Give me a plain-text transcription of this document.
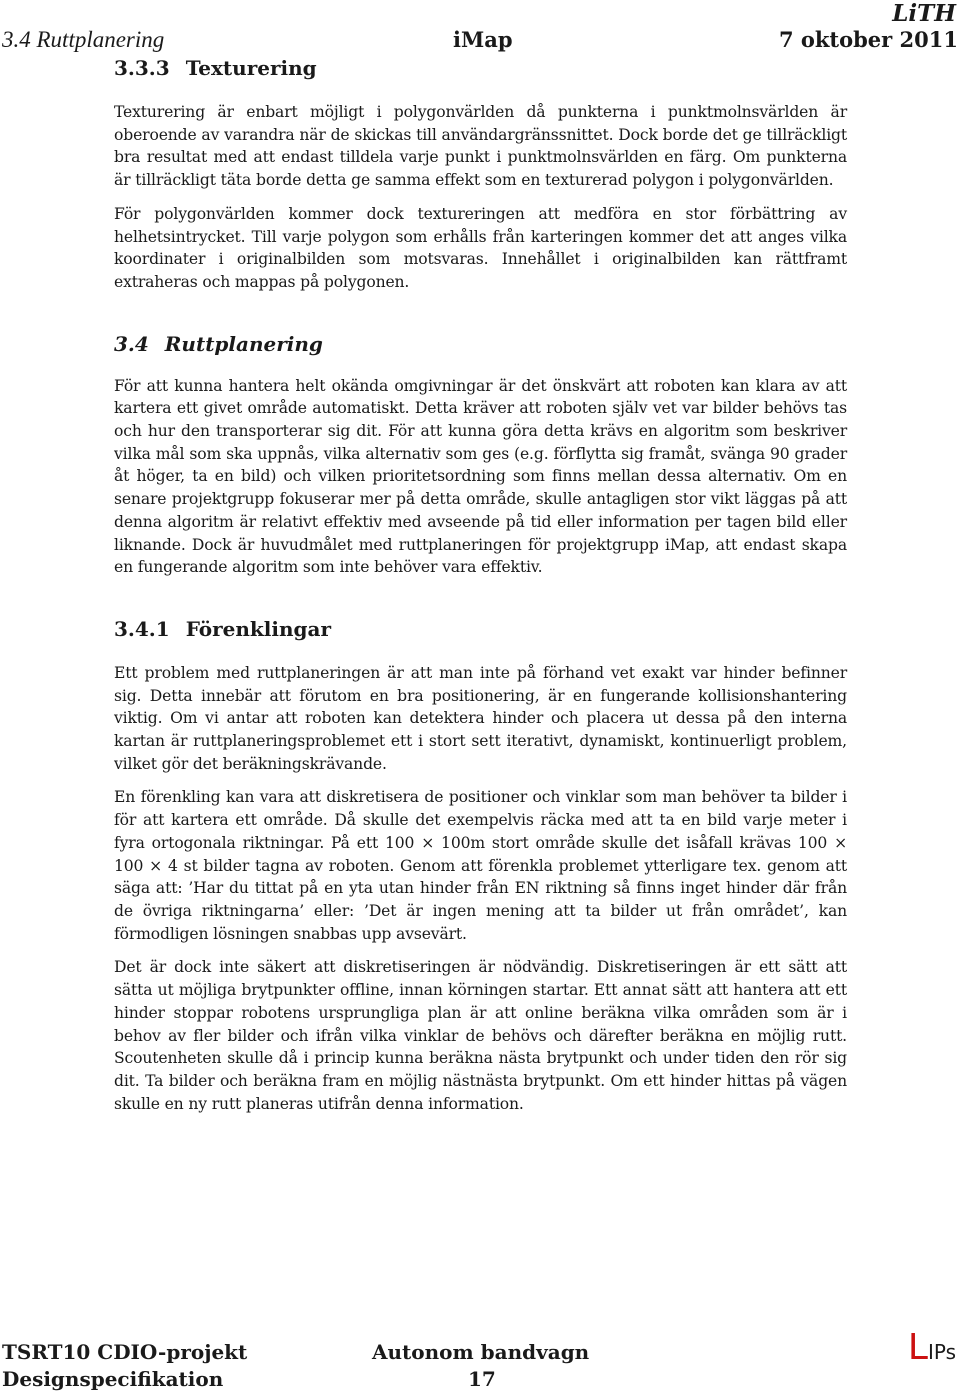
LiTH
3.4 Ruttplanering	iMap	7 oktober 2011
3.3.3 Texturering

Texturering är enbart möjligt i polygonvärlden då punkterna i punktmolnsvärlden är oberoende av varandra när de skickas till användargränssnittet. Dock borde det ge tillräckligt bra resultat med att endast tilldela varje punkt i punktmolnsvärlden en färg. Om punkterna är tillräckligt täta borde detta ge samma effekt som en texturerad polygon i polygonvärlden.

För polygonvärlden kommer dock textureringen att medföra en stor förbättring av helhetsintrycket. Till varje polygon som erhålls från karteringen kommer det att anges vilka koordinater i originalbilden som motsvaras. Innehållet i originalbilden kan rättframt extraheras och mappas på polygonen.

3.4 Ruttplanering

För att kunna hantera helt okända omgivningar är det önskvärt att roboten kan klara av att kartera ett givet område automatiskt. Detta kräver att roboten själv vet var bilder behövs tas och hur den transporterar sig dit. För att kunna göra detta krävs en algoritm som beskriver vilka mål som ska uppnås, vilka alternativ som ges (e.g. förflytta sig framåt, svänga 90 grader åt höger, ta en bild) och vilken prioritetsordning som finns mellan dessa alternativ. Om en senare projektgrupp fokuserar mer på detta område, skulle antagligen stor vikt läggas på att denna algoritm är relativt effektiv med avseende på tid eller information per tagen bild eller liknande. Dock är huvudmålet med ruttplaneringen för projektgrupp iMap, att endast skapa en fungerande algoritm som inte behöver vara effektiv.

3.4.1 Förenklingar

Ett problem med ruttplaneringen är att man inte på förhand vet exakt var hinder befinner sig. Detta innebär att förutom en bra positionering, är en fungerande kollisionshantering viktig. Om vi antar att roboten kan detektera hinder och placera ut dessa på den interna kartan är ruttplaneringsproblemet ett i stort sett iterativt, dynamiskt, kontinuerligt problem, vilket gör det beräkningskrävande.

En förenkling kan vara att diskretisera de positioner och vinklar som man behöver ta bilder i för att kartera ett område. Då skulle det exempelvis räcka med att ta en bild varje meter i fyra ortogonala riktningar. På ett 100 × 100m stort område skulle det isåfall krävas 100 × 100 × 4 st bilder tagna av roboten. Genom att förenkla problemet ytterligare tex. genom att säga att: ’Har du tittat på en yta utan hinder från EN riktning så finns inget hinder där från de övriga riktningarna’ eller: ’Det är ingen mening att ta bilder ut från området’, kan förmodligen lösningen snabbas upp avsevärt.

Det är dock inte säkert att diskretiseringen är nödvändig. Diskretiseringen är ett sätt att sätta ut möjliga brytpunkter offline, innan körningen startar. Ett annat sätt att hantera att ett hinder stoppar robotens ursprungliga plan är att online beräkna vilka områden som är i behov av fler bilder och ifrån vilka vinklar de behövs och därefter beräkna en möjlig rutt. Scoutenheten skulle då i princip kunna beräkna nästa brytpunkt och under tiden den rör sig dit. Ta bilder och beräkna fram en möjlig nästnästa brytpunkt. Om ett hinder hittas på vägen skulle en ny rutt planeras utifrån denna information.

TSRT10 CDIO-projekt
Designspecifikation
Autonom bandvagn
17
LIPs
